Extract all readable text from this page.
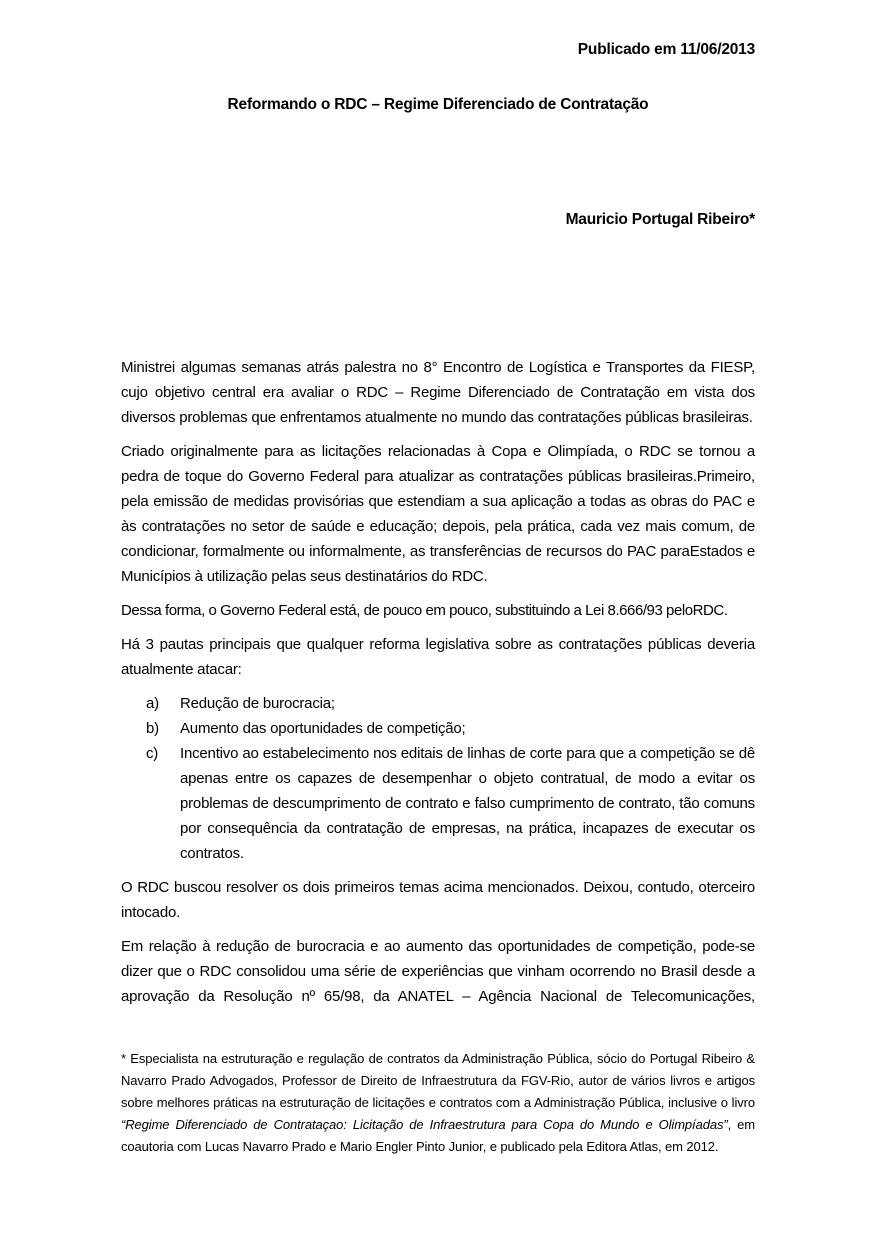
Publicado em 11/06/2013
Reformando o RDC – Regime Diferenciado de Contratação
Mauricio Portugal Ribeiro*

Ministrei algumas semanas atrás palestra no 8° Encontro de Logística e Transportes da FIESP, cujo objetivo central era avaliar o RDC – Regime Diferenciado de Contratação em vista dos diversos problemas que enfrentamos atualmente no mundo das contratações públicas brasileiras.

Criado originalmente para as licitações relacionadas à Copa e Olimpíada, o RDC se tornou a pedra de toque do Governo Federal para atualizar as contratações públicas brasileiras.Primeiro, pela emissão de medidas provisórias que estendiam a sua aplicação a todas as obras do PAC e às contratações no setor de saúde e educação; depois, pela prática, cada vez mais comum, de condicionar, formalmente ou informalmente, as transferências de recursos do PAC paraEstados e Municípios à utilização pelas seus destinatários do RDC.

Dessa forma, o Governo Federal está, de pouco em pouco, substituindo a Lei 8.666/93 peloRDC.

Há 3 pautas principais que qualquer reforma legislativa sobre as contratações públicas deveria atualmente atacar:

a)	Redução de burocracia;
b)	Aumento das oportunidades de competição;
c)	Incentivo ao estabelecimento nos editais de linhas de corte para que a competição se dê apenas entre os capazes de desempenhar o objeto contratual, de modo a evitar os problemas de descumprimento de contrato e falso cumprimento de contrato, tão comuns por consequência da contratação de empresas, na prática, incapazes de executar os contratos.

O RDC buscou resolver os dois primeiros temas acima mencionados. Deixou, contudo, oterceiro intocado.

Em relação à redução de burocracia e ao aumento das oportunidades de competição, pode-se dizer que o RDC consolidou uma série de experiências que vinham ocorrendo no Brasil desde a aprovação da Resolução nº 65/98, da ANATEL – Agência Nacional de Telecomunicações,

* Especialista na estruturação e regulação de contratos da Administração Pública, sócio do Portugal Ribeiro & Navarro Prado Advogados, Professor de Direito de Infraestrutura da FGV-Rio, autor de vários livros e artigos sobre melhores práticas na estruturação de licitações e contratos com a Administração Pública, inclusive o livro “Regime Diferenciado de Contrataçao: Licitação de Infraestrutura para Copa do Mundo e Olimpíadas”, em coautoria com Lucas Navarro Prado e Mario Engler Pinto Junior, e publicado pela Editora Atlas, em 2012.
